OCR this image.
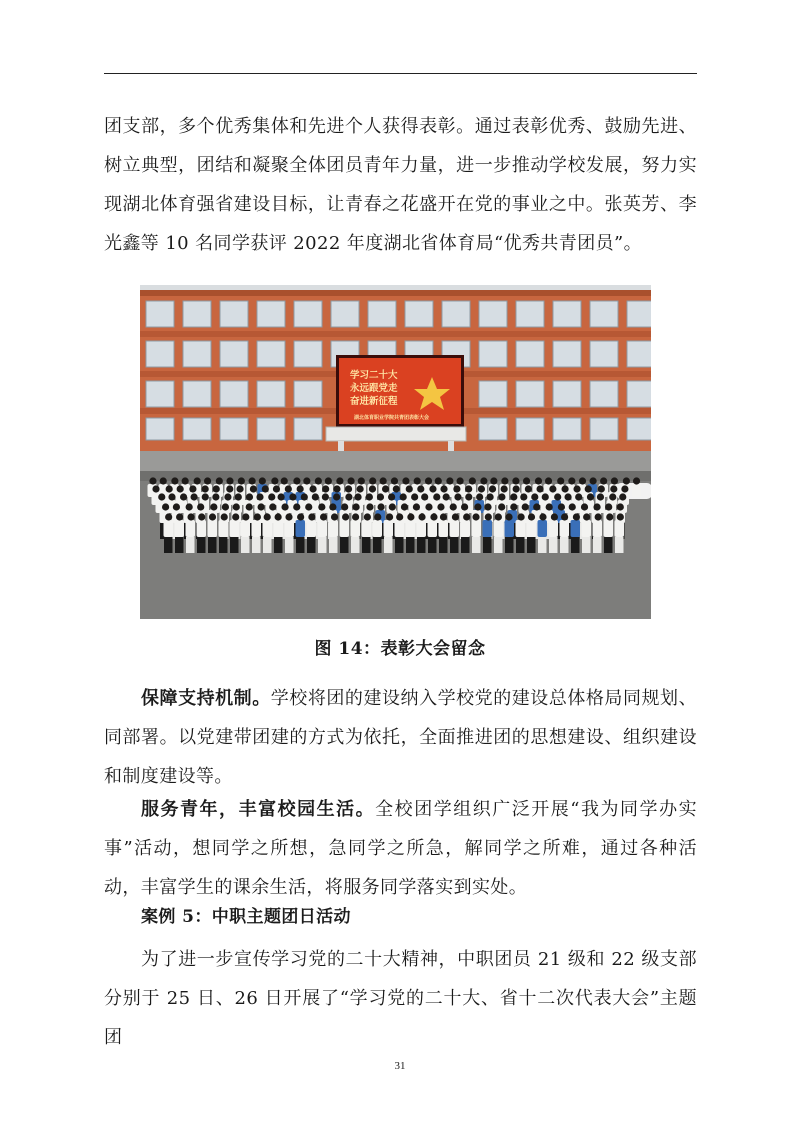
团支部，多个优秀集体和先进个人获得表彰。通过表彰优秀、鼓励先进、树立典型，团结和凝聚全体团员青年力量，进一步推动学校发展，努力实现湖北体育强省建设目标，让青春之花盛开在党的事业之中。张英芳、李光鑫等 10 名同学获评 2022 年度湖北省体育局“优秀共青团员”。

学习二十大
永远跟党走
奋进新征程
湖北体育职业学院共青团表彰大会
图 14：表彰大会留念

保障支持机制。学校将团的建设纳入学校党的建设总体格局同规划、同部署。以党建带团建的方式为依托，全面推进团的思想建设、组织建设和制度建设等。

服务青年，丰富校园生活。全校团学组织广泛开展“我为同学办实事”活动，想同学之所想，急同学之所急，解同学之所难，通过各种活动，丰富学生的课余生活，将服务同学落实到实处。

案例 5：中职主题团日活动

为了进一步宣传学习党的二十大精神，中职团员 21 级和 22 级支部分别于 25 日、26 日开展了“学习党的二十大、省十二次代表大会”主题团

31
